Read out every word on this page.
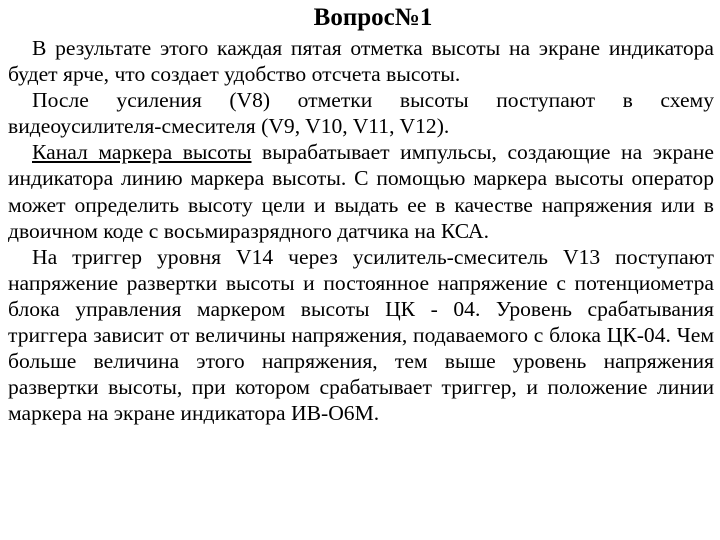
Вопрос№1

В результате этого каждая пятая отметка высоты на экране индикатора будет ярче, что создает удобство отсчета высоты.

После усиления (V8) отметки высоты поступают в схему видеоусилителя-смесителя (V9, V10, V11, V12).

Канал маркера высоты вырабатывает импульсы, создающие на экране индикатора линию маркера высоты. С помощью маркера высоты оператор может определить высоту цели и выдать ее в качестве напряжения или в двоичном коде с восьмиразрядного датчика на КСА.

На триггер уровня V14 через усилитель-смеситель V13 поступают напряжение развертки высоты и постоянное напряжение с потенциометра блока управления маркером высоты ЦК - 04. Уровень срабатывания триггера зависит от величины напряжения, подаваемого с блока ЦК-04. Чем больше величина этого напряжения, тем выше уровень напряжения развертки высоты, при котором срабатывает триггер, и положение линии маркера на экране индикатора ИВ-О6М.
